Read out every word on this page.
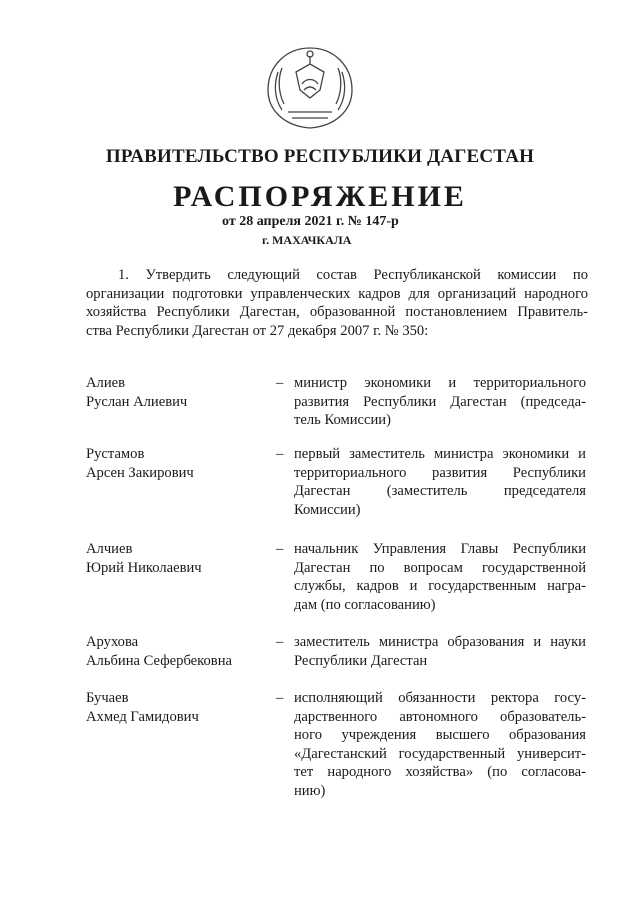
ПРАВИТЕЛЬСТВО РЕСПУБЛИКИ ДАГЕСТАН
РАСПОРЯЖЕНИЕ
от 28 апреля 2021 г. № 147-р
г. МАХАЧКАЛА
1. Утвердить следующий состав Республиканской комиссии по
организации подготовки управленческих кадров для организаций народного
хозяйства Республики Дагестан, образованной постановлением Правитель-
ства Республики Дагестан от 27 декабря 2007 г. № 350:
Алиев
Руслан Алиевич
– министр экономики и территориального
развития Республики Дагестан (председа-
тель Комиссии)
Рустамов
Арсен Закирович
– первый заместитель министра экономики и
территориального развития Республики
Дагестан (заместитель председателя
Комиссии)
Алчиев
Юрий Николаевич
– начальник Управления Главы Республики
Дагестан по вопросам государственной
службы, кадров и государственным награ-
дам (по согласованию)
Арухова
Альбина Сефербековна
– заместитель министра образования и науки
Республики Дагестан
Бучаев
Ахмед Гамидович
– исполняющий обязанности ректора госу-
дарственного автономного образователь-
ного учреждения высшего образования
«Дагестанский государственный университ-
тет народного хозяйства» (по согласова-
нию)
